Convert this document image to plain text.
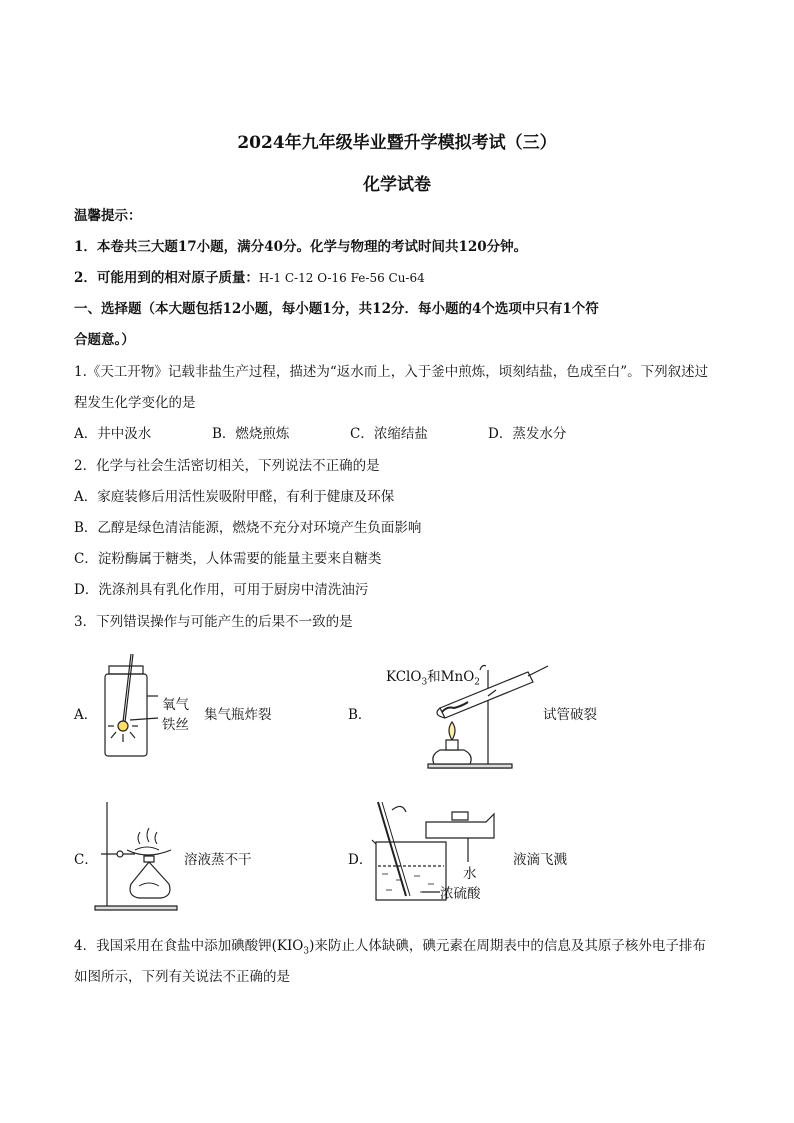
2024年九年级毕业暨升学模拟考试（三）
化学试卷
温馨提示：
1．本卷共三大题17小题，满分40分。化学与物理的考试时间共120分钟。
2．可能用到的相对原子质量：H-1 C-12 O-16 Fe-56 Cu-64
一、选择题（本大题包括12小题，每小题1分，共12分．每小题的4个选项中只有1个符
合题意。）
1.《天工开物》记载非盐生产过程，描述为“返水而上，入于釜中煎炼，顷刻结盐，色成至白”。下列叙述过
程发生化学变化的是
A．井中汲水	B．燃烧煎炼	C．浓缩结盐	D．蒸发水分
2．化学与社会生活密切相关，下列说法不正确的是
A．家庭装修后用活性炭吸附甲醛，有利于健康及环保
B．乙醇是绿色清洁能源，燃烧不充分对环境产生负面影响
C．淀粉酶属于糖类，人体需要的能量主要来自糖类
D．洗涤剂具有乳化作用，可用于厨房中清洗油污
3．下列错误操作与可能产生的后果不一致的是
A．
氧气
铁丝
集气瓶炸裂	B．
KClO$_3$和MnO$_2$
试管破裂
C．	溶液蒸不干	D．
水
浓硫酸
液滴飞溅
4．我国采用在食盐中添加碘酸钾$(KIO_3)$来防止人体缺碘，碘元素在周期表中的信息及其原子核外电子排布
如图所示，下列有关说法不正确的是
